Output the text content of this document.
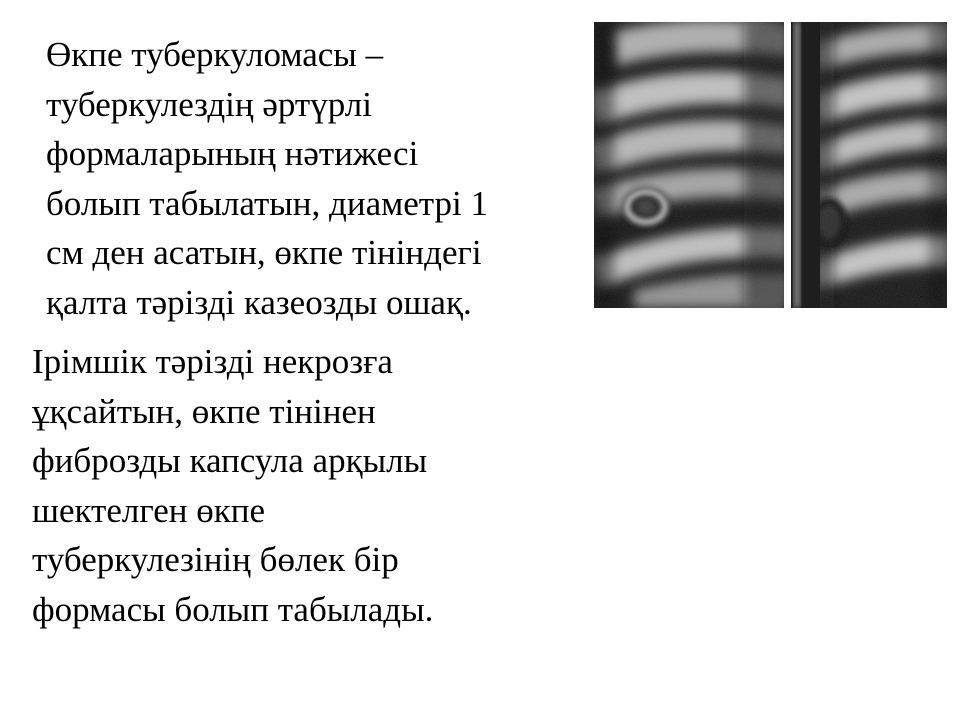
Өкпе туберкуломасы –
туберкулездің әртүрлі
формаларының нәтижесі
болып табылатын, диаметрі 1
см ден асатын, өкпе тініндегі
қалта тәрізді казеозды ошақ.

Ірімшік тәрізді некрозға
ұқсайтын, өкпе тінінен
фиброзды капсула арқылы
шектелген өкпе
туберкулезінің бөлек бір
формасы болып табылады.
